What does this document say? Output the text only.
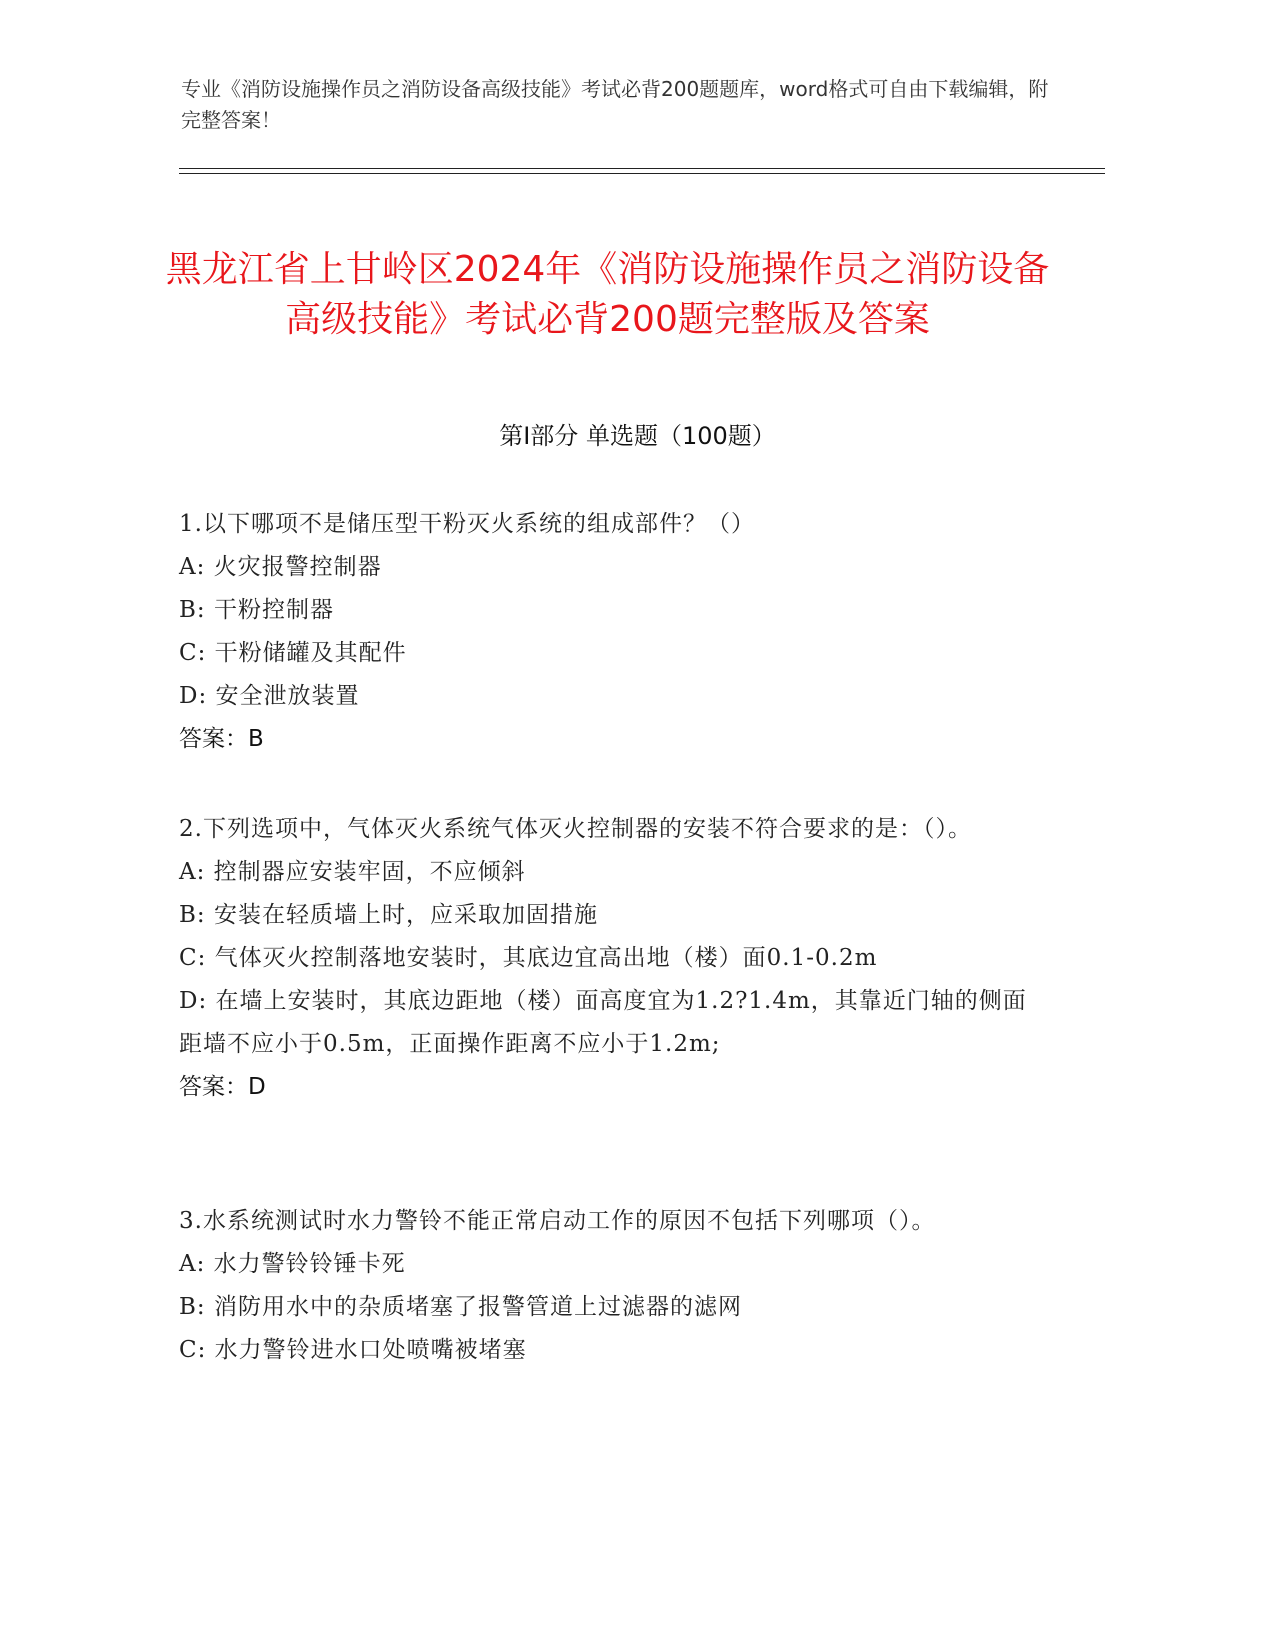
专业《消防设施操作员之消防设备高级技能》考试必背200题题库，word格式可自由下载编辑，附完整答案！
黑龙江省上甘岭区2024年《消防设施操作员之消防设备高级技能》考试必背200题完整版及答案
第Ⅰ部分 单选题（100题）
1.以下哪项不是储压型干粉灭火系统的组成部件？（）
A: 火灾报警控制器
B: 干粉控制器
C: 干粉储罐及其配件
D: 安全泄放装置
答案：B
2.下列选项中，气体灭火系统气体灭火控制器的安装不符合要求的是：（）。
A: 控制器应安装牢固，不应倾斜
B: 安装在轻质墙上时，应采取加固措施
C: 气体灭火控制落地安装时，其底边宜高出地（楼）面0.1-0.2m
D: 在墙上安装时，其底边距地（楼）面高度宜为1.2?1.4m，其靠近门轴的侧面距墙不应小于0.5m，正面操作距离不应小于1.2m;
答案：D
3.水系统测试时水力警铃不能正常启动工作的原因不包括下列哪项（）。
A: 水力警铃铃锤卡死
B: 消防用水中的杂质堵塞了报警管道上过滤器的滤网
C: 水力警铃进水口处喷嘴被堵塞
